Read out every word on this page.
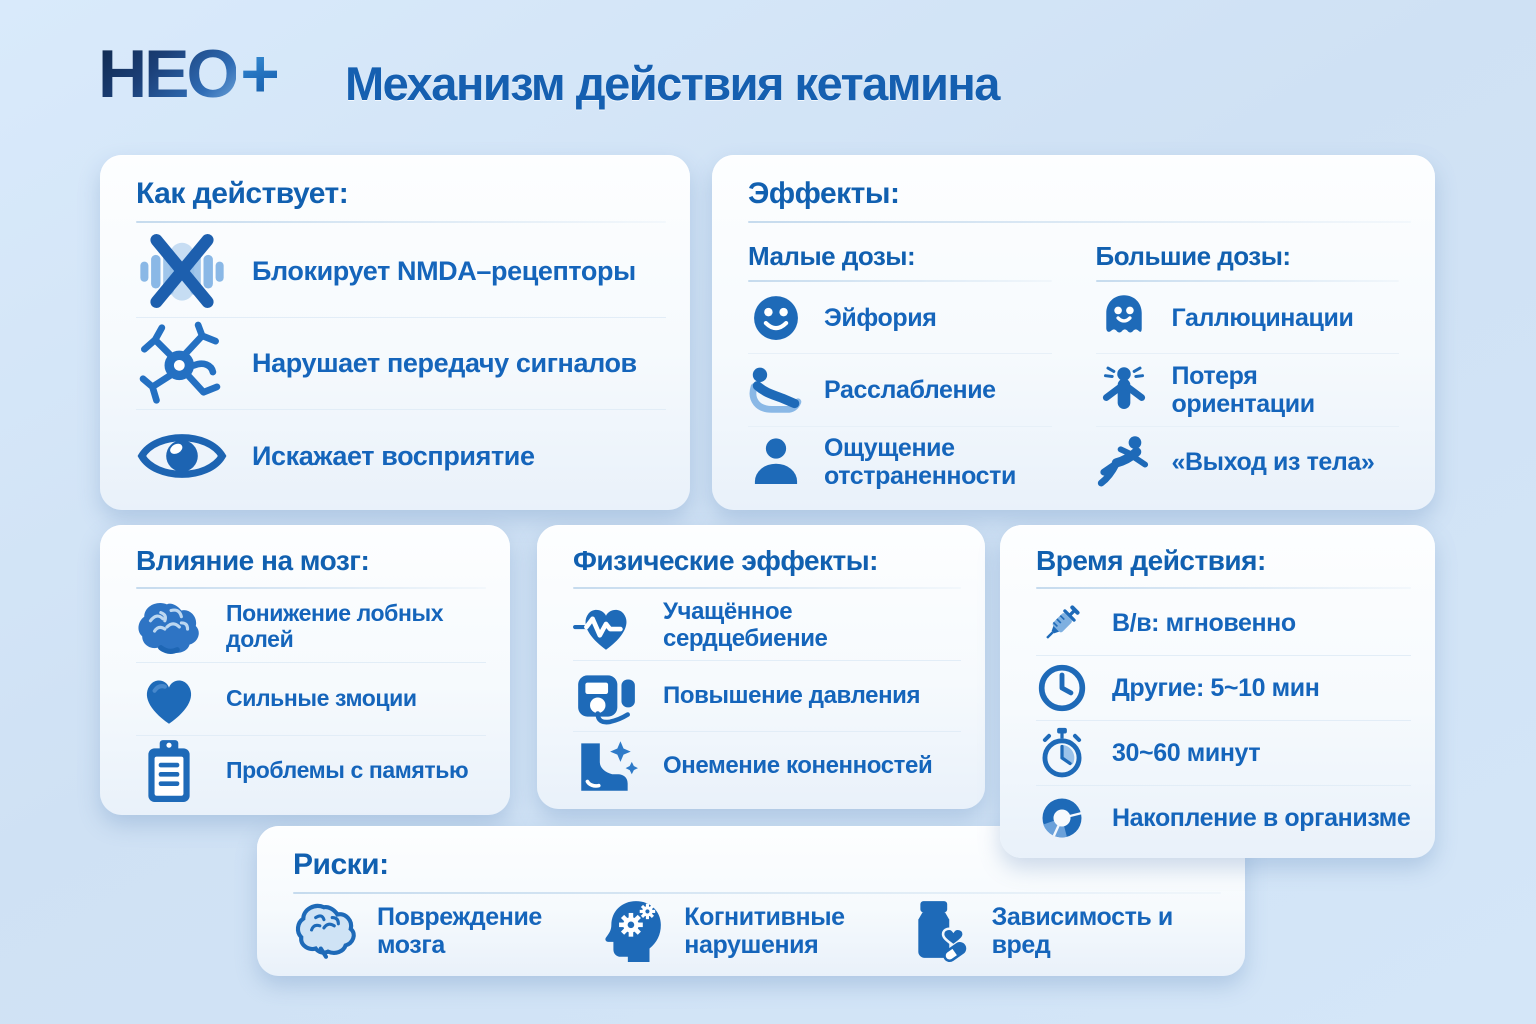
НЕО+ Механизм действия кетамина
Как действует:
Блокирует NMDA–рецепторы
Нарушает передачу сигналов
Искажает восприятие
Эффекты:
Малые дозы:
Эйфория
Расслабление
Ощущение отстраненности
Большие дозы:
Галлюцинации
Потеря ориентации
«Выход из тела»
Влияние на мозг:
Понижение лобных долей
Сильные змоции
Проблемы с памятью
Физические эффекты:
Учащённое сердцебиение
Повышение давления
Онемение коненностей
Время действия:
В/в: мгновенно
Другие: 5~10 мин
30~60 минут
Накопление в организме
Риски:
Повреждение мозга
Когнитивные нарушения
Зависимость и вред
